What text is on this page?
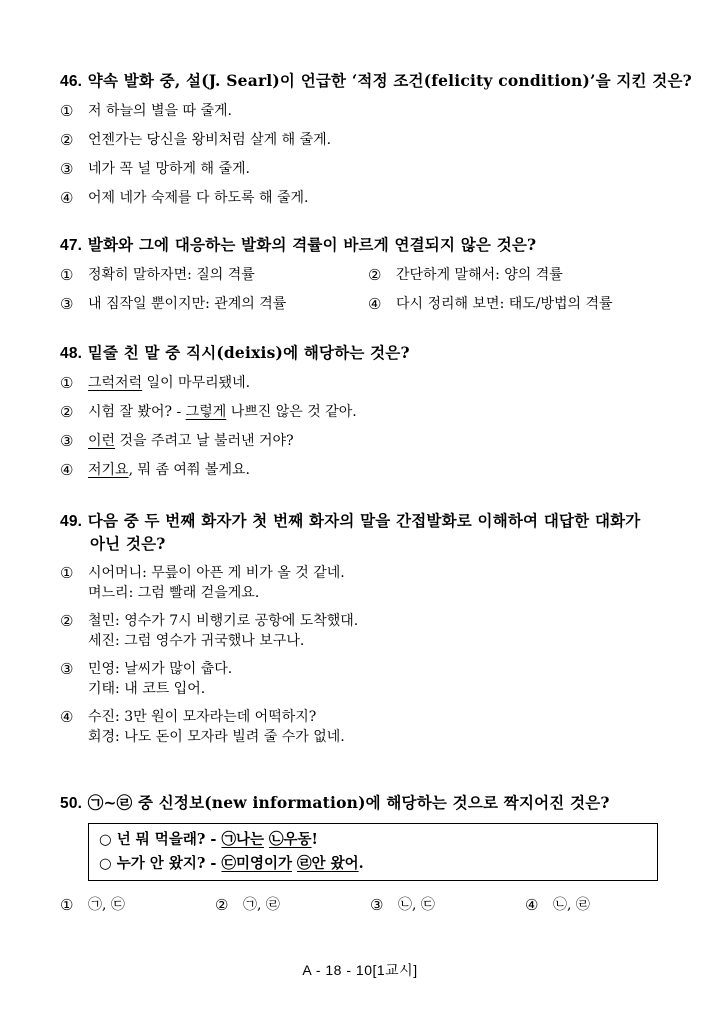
46. 약속 발화 중, 설(J. Searl)이 언급한 ‘적정 조건(felicity condition)’을 지킨 것은?
① 저 하늘의 별을 따 줄게.
② 언젠가는 당신을 왕비처럼 살게 해 줄게.
③ 네가 꼭 널 망하게 해 줄게.
④ 어제 네가 숙제를 다 하도록 해 줄게.
47. 발화와 그에 대응하는 발화의 격률이 바르게 연결되지 않은 것은?
① 정확히 말하자면: 질의 격률	② 간단하게 말해서: 양의 격률
③ 내 짐작일 뿐이지만: 관계의 격률	④ 다시 정리해 보면: 태도/방법의 격률
48. 밑줄 친 말 중 직시(deixis)에 해당하는 것은?
① 그럭저럭 일이 마무리됐네.
② 시험 잘 봤어? - 그렇게 나쁘진 않은 것 같아.
③ 이런 것을 주려고 날 불러낸 거야?
④ 저기요, 뭐 좀 여쭤 볼게요.
49. 다음 중 두 번째 화자가 첫 번째 화자의 말을 간접발화로 이해하여 대답한 대화가
아닌 것은?
① 시어머니: 무릎이 아픈 게 비가 올 것 같네.
며느리: 그럼 빨래 걷을게요.
② 철민: 영수가 7시 비행기로 공항에 도착했대.
세진: 그럼 영수가 귀국했나 보구나.
③ 민영: 날씨가 많이 춥다.
기태: 내 코트 입어.
④ 수진: 3만 원이 모자라는데 어떡하지?
회경: 나도 돈이 모자라 빌려 줄 수가 없네.
50. ㉠~㉣ 중 신정보(new information)에 해당하는 것으로 짝지어진 것은?
○ 넌 뭐 먹을래? - ㉠나는 ㉡우동!
○ 누가 안 왔지? - ㉢미영이가 ㉣안 왔어.
① ㉠, ㉢	② ㉠, ㉣	③ ㉡, ㉢	④ ㉡, ㉣
A - 18 - 10[1교시]
